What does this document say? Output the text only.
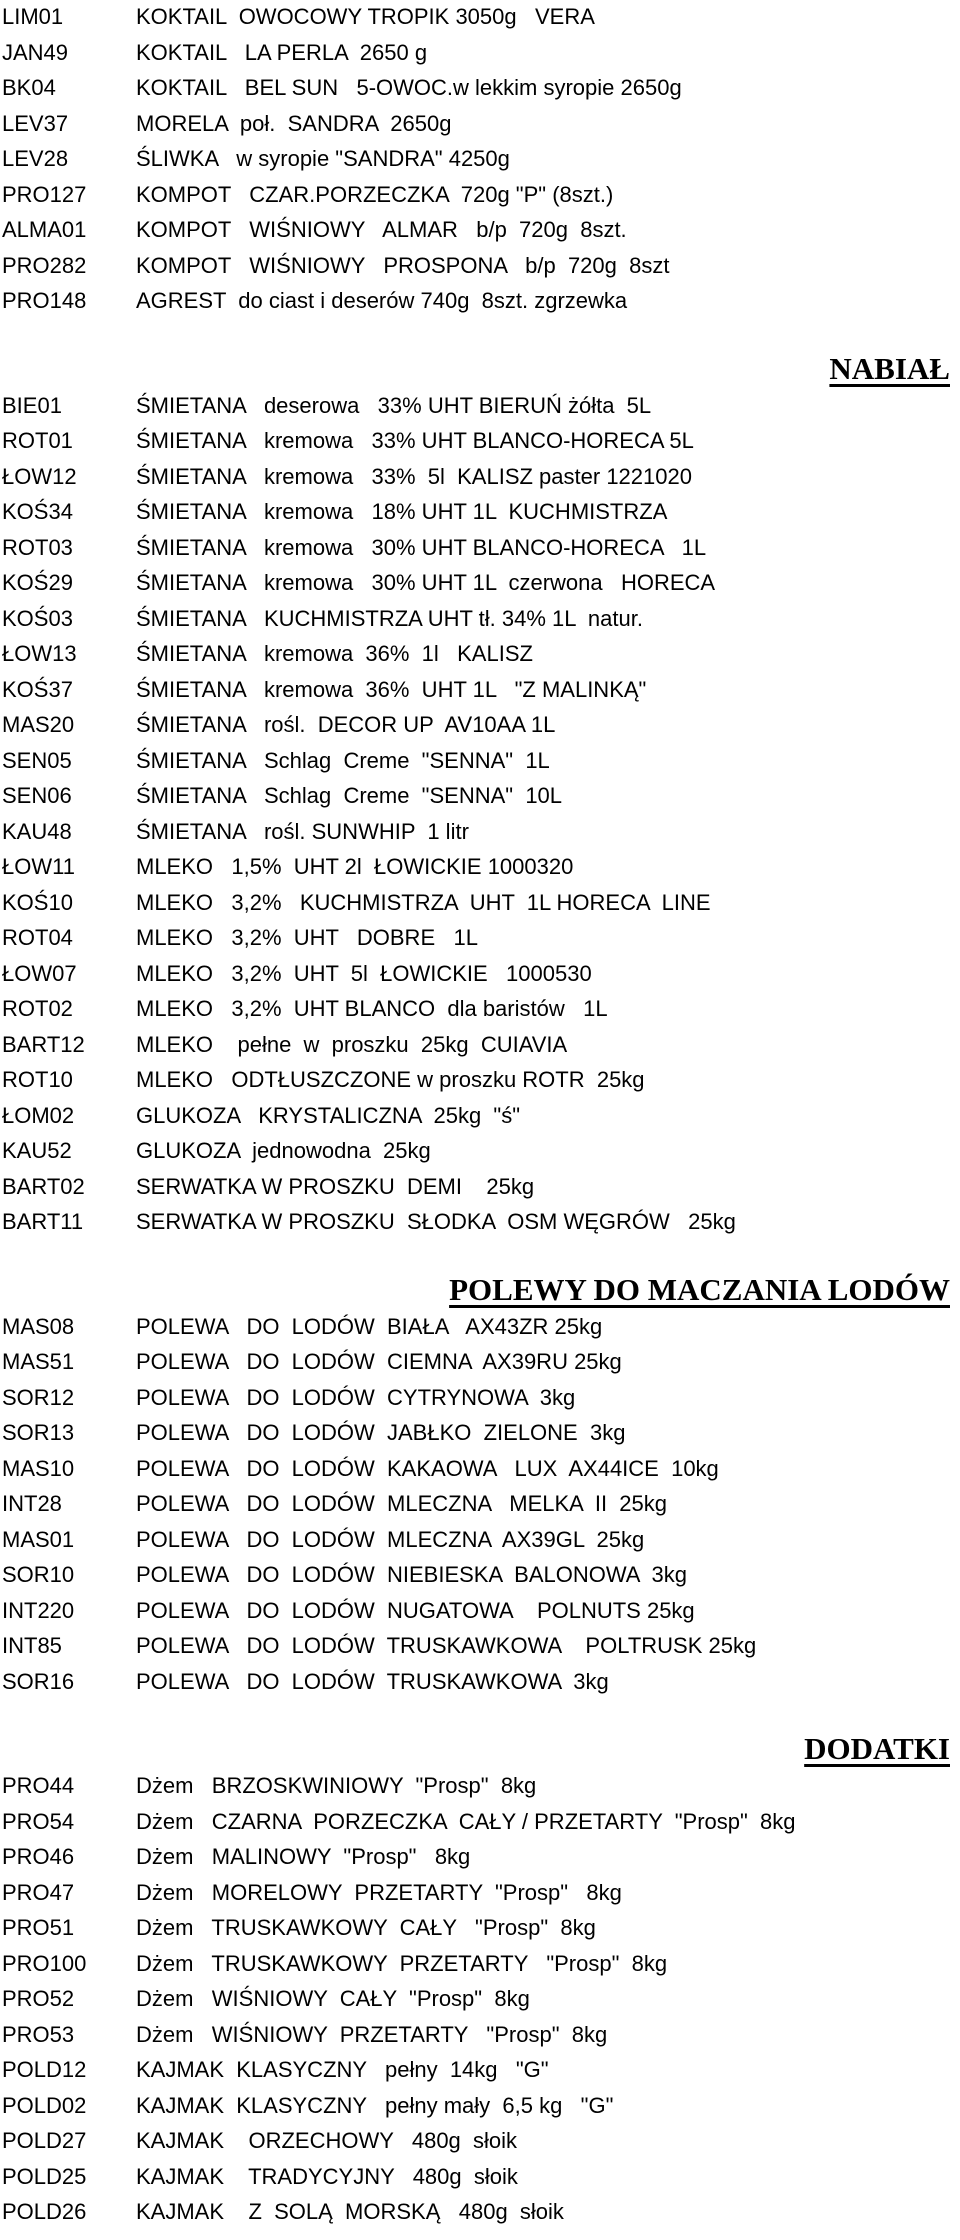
LIM01	KOKTAIL  OWOCOWY TROPIK 3050g   VERA
JAN49	KOKTAIL   LA PERLA  2650 g
BK04	KOKTAIL   BEL SUN   5-OWOC.w lekkim syropie 2650g
LEV37	MORELA  poł.  SANDRA  2650g
LEV28	ŚLIWKA   w syropie "SANDRA" 4250g
PRO127 KOMPOT   CZAR.PORZECZKA  720g "P" (8szt.)
ALMA01 KOMPOT   WIŚNIOWY   ALMAR   b/p  720g  8szt.
PRO282 KOMPOT   WIŚNIOWY   PROSPONA   b/p  720g  8szt
PRO148 AGREST  do ciast i deserów 740g  8szt. zgrzewka
NABIAŁ
BIE01	ŚMIETANA   deserowa   33% UHT BIERUŃ żółta  5L
ROT01	ŚMIETANA   kremowa   33% UHT BLANCO-HORECA 5L
ŁOW12	ŚMIETANA   kremowa   33%  5l  KALISZ paster 1221020
KOŚ34	ŚMIETANA   kremowa   18% UHT 1L  KUCHMISTRZA
ROT03	ŚMIETANA   kremowa   30% UHT BLANCO-HORECA   1L
KOŚ29	ŚMIETANA   kremowa   30% UHT 1L  czerwona   HORECA
KOŚ03	ŚMIETANA   KUCHMISTRZA UHT tł. 34% 1L  natur.
ŁOW13	ŚMIETANA   kremowa  36%  1l   KALISZ
KOŚ37	ŚMIETANA   kremowa  36%  UHT 1L   "Z MALINKĄ"
MAS20	ŚMIETANA   rośl.  DECOR UP  AV10AA 1L
SEN05	ŚMIETANA   Schlag  Creme  "SENNA"  1L
SEN06	ŚMIETANA   Schlag  Creme  "SENNA"  10L
KAU48	ŚMIETANA   rośl. SUNWHIP  1 litr
ŁOW11	MLEKO   1,5%  UHT 2l  ŁOWICKIE 1000320
KOŚ10	MLEKO   3,2%   KUCHMISTRZA  UHT  1L HORECA  LINE
ROT04	MLEKO   3,2%  UHT   DOBRE   1L
ŁOW07	MLEKO   3,2%  UHT  5l  ŁOWICKIE   1000530
ROT02	MLEKO   3,2%  UHT BLANCO  dla baristów   1L
BART12 MLEKO    pełne  w  proszku  25kg  CUIAVIA
ROT10	MLEKO   ODTŁUSZCZONE w proszku ROTR  25kg
ŁOM02	GLUKOZA   KRYSTALICZNA  25kg  "ś"
KAU52	GLUKOZA  jednowodna  25kg
BART02 SERWATKA W PROSZKU  DEMI    25kg
BART11 SERWATKA W PROSZKU  SŁODKA  OSM WĘGRÓW   25kg
POLEWY DO MACZANIA LODÓW
MAS08	POLEWA   DO  LODÓW  BIAŁA   AX43ZR 25kg
MAS51	POLEWA   DO  LODÓW  CIEMNA  AX39RU 25kg
SOR12	POLEWA   DO  LODÓW  CYTRYNOWA  3kg
SOR13	POLEWA   DO  LODÓW  JABŁKO  ZIELONE  3kg
MAS10	POLEWA   DO  LODÓW  KAKAOWA   LUX  AX44ICE  10kg
INT28	POLEWA   DO  LODÓW  MLECZNA   MELKA  II  25kg
MAS01	POLEWA   DO  LODÓW  MLECZNA  AX39GL  25kg
SOR10	POLEWA   DO  LODÓW  NIEBIESKA  BALONOWA  3kg
INT220	POLEWA   DO  LODÓW  NUGATOWA    POLNUTS 25kg
INT85	POLEWA   DO  LODÓW  TRUSKAWKOWA    POLTRUSK 25kg
SOR16	POLEWA   DO  LODÓW  TRUSKAWKOWA  3kg
DODATKI
PRO44	Dżem   BRZOSKWINIOWY  "Prosp"  8kg
PRO54	Dżem   CZARNA  PORZECZKA  CAŁY / PRZETARTY  "Prosp"  8kg
PRO46	Dżem   MALINOWY  "Prosp"   8kg
PRO47	Dżem   MORELOWY  PRZETARTY  "Prosp"   8kg
PRO51	Dżem   TRUSKAWKOWY  CAŁY   "Prosp"  8kg
PRO100 Dżem   TRUSKAWKOWY  PRZETARTY   "Prosp"  8kg
PRO52	Dżem   WIŚNIOWY  CAŁY  "Prosp"  8kg
PRO53	Dżem   WIŚNIOWY  PRZETARTY   "Prosp"  8kg
POLD12 KAJMAK  KLASYCZNY   pełny  14kg   "G"
POLD02 KAJMAK  KLASYCZNY   pełny mały  6,5 kg   "G"
POLD27 KAJMAK    ORZECHOWY   480g  słoik
POLD25 KAJMAK    TRADYCYJNY   480g  słoik
POLD26 KAJMAK    Z  SOLĄ  MORSKĄ   480g  słoik
